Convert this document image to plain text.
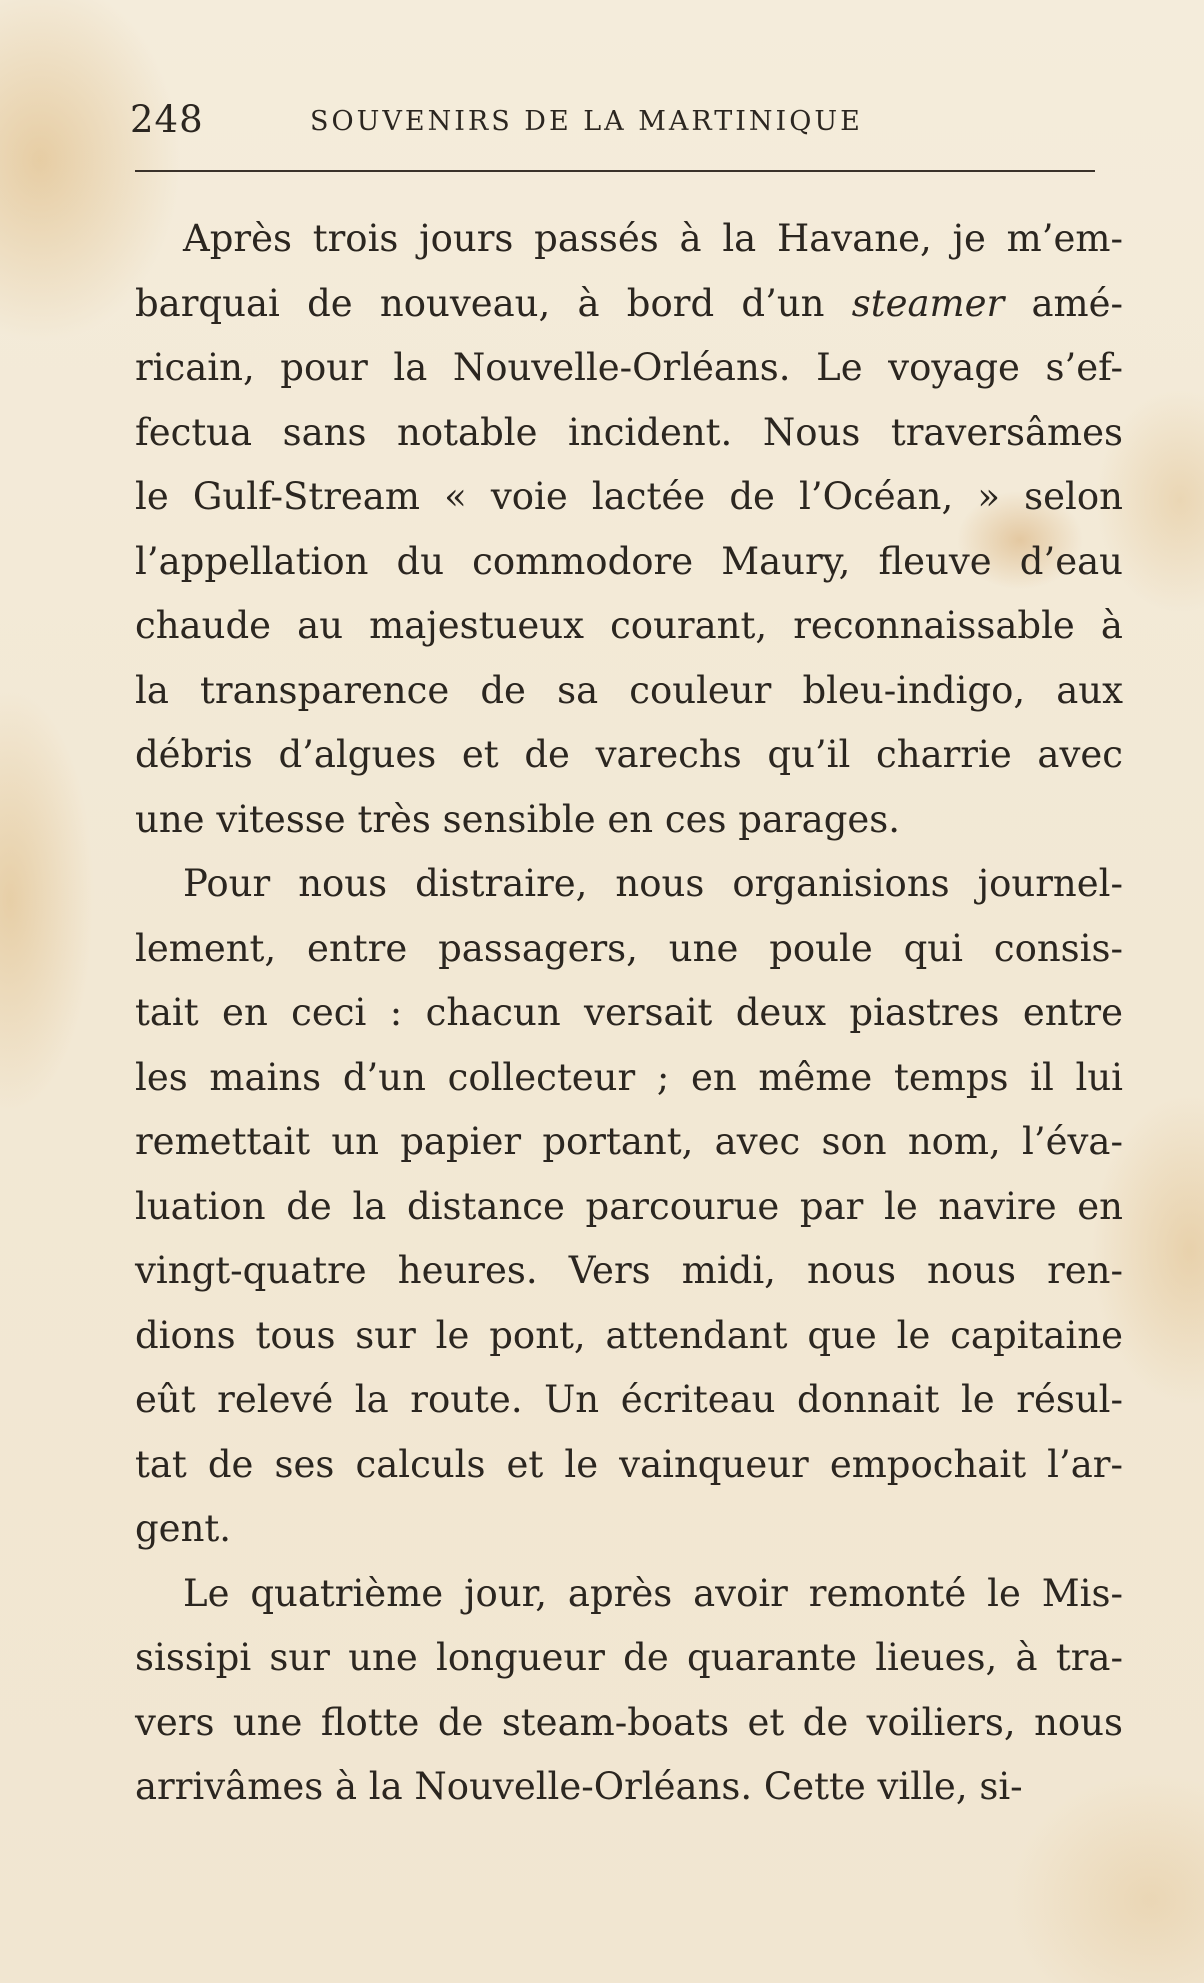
248	SOUVENIRS DE LA MARTINIQUE
Après trois jours passés à la Havane, je m’em-
barquai de nouveau, à bord d’un steamer amé-
ricain, pour la Nouvelle-Orléans. Le voyage s’ef-
fectua sans notable incident. Nous traversâmes
le Gulf-Stream « voie lactée de l’Océan, » selon
l’appellation du commodore Maury, fleuve d’eau
chaude au majestueux courant, reconnaissable à
la transparence de sa couleur bleu-indigo, aux
débris d’algues et de varechs qu’il charrie avec
une vitesse très sensible en ces parages.
Pour nous distraire, nous organisions journel-
lement, entre passagers, une poule qui consis-
tait en ceci : chacun versait deux piastres entre
les mains d’un collecteur ; en même temps il lui
remettait un papier portant, avec son nom, l’éva-
luation de la distance parcourue par le navire en
vingt-quatre heures. Vers midi, nous nous ren-
dions tous sur le pont, attendant que le capitaine
eût relevé la route. Un écriteau donnait le résul-
tat de ses calculs et le vainqueur empochait l’ar-
gent.
Le quatrième jour, après avoir remonté le Mis-
sissipi sur une longueur de quarante lieues, à tra-
vers une flotte de steam-boats et de voiliers, nous
arrivâmes à la Nouvelle-Orléans. Cette ville, si-
